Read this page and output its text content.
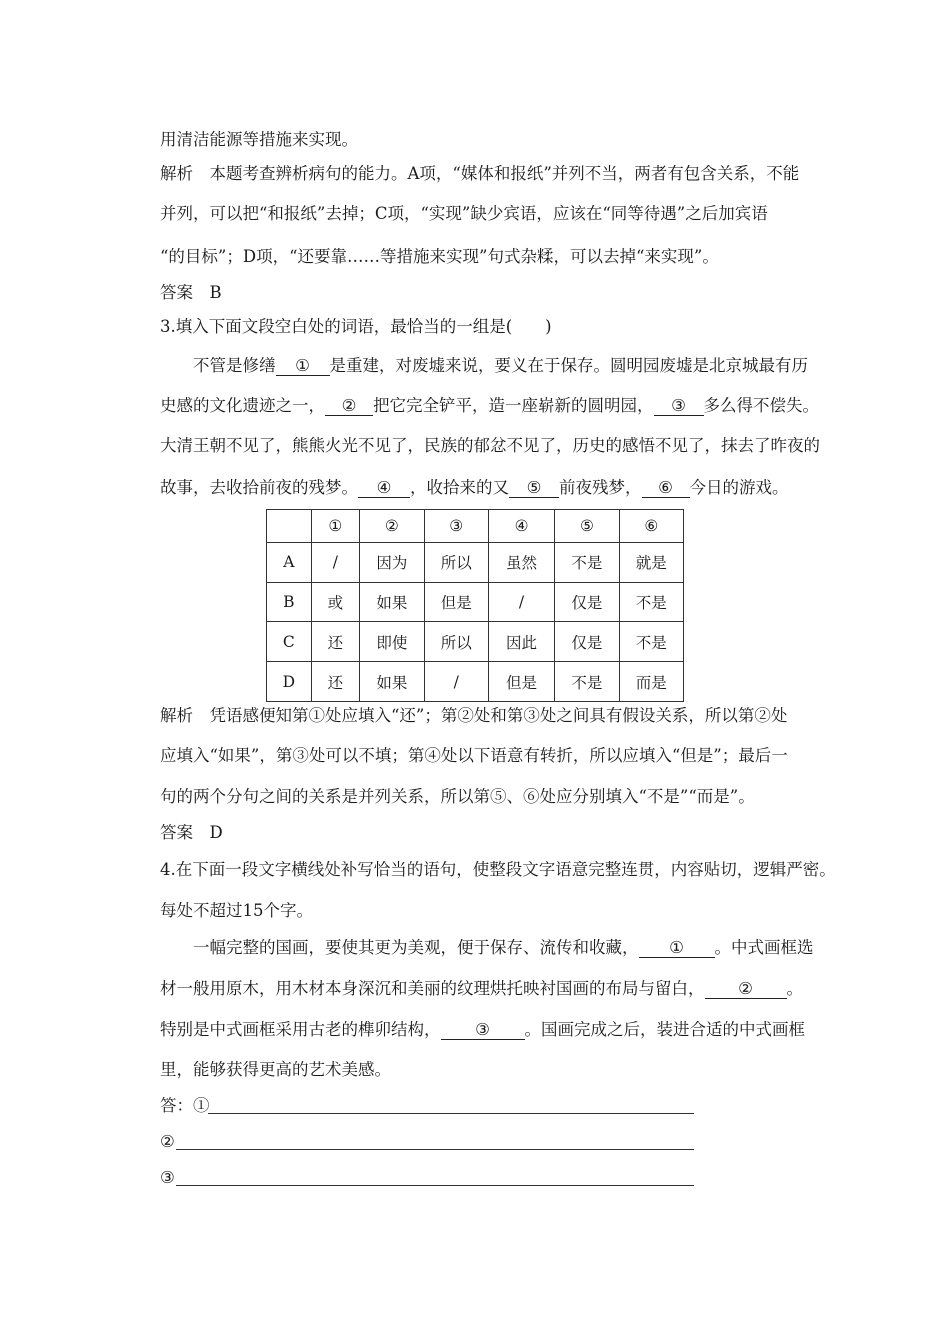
用清洁能源等措施来实现。
解析　本题考查辨析病句的能力。A项，“媒体和报纸”并列不当，两者有包含关系，不能
并列，可以把“和报纸”去掉；C项，“实现”缺少宾语，应该在“同等待遇”之后加宾语
“的目标”；D项，“还要靠……等措施来实现”句式杂糅，可以去掉“来实现”。
答案　B
3.填入下面文段空白处的词语，最恰当的一组是(　　)
不管是修缮 ① 是重建，对废墟来说，要义在于保存。圆明园废墟是北京城最有历
史感的文化遗迹之一， ② 把它完全铲平，造一座崭新的圆明园， ③ 多么得不偿失。
大清王朝不见了，熊熊火光不见了，民族的郁忿不见了，历史的感悟不见了，抹去了昨夜的
故事，去收拾前夜的残梦。 ④ ，收拾来的又 ⑤ 前夜残梦， ⑥ 今日的游戏。
	①	②	③	④	⑤	⑥
A	/	因为	所以	虽然	不是	就是
B	或	如果	但是	/	仅是	不是
C	还	即使	所以	因此	仅是	不是
D	还	如果	/	但是	不是	而是
解析　凭语感便知第①处应填入“还”；第②处和第③处之间具有假设关系，所以第②处
应填入“如果”，第③处可以不填；第④处以下语意有转折，所以应填入“但是”；最后一
句的两个分句之间的关系是并列关系，所以第⑤、⑥处应分别填入“不是”“而是”。
答案　D
4.在下面一段文字横线处补写恰当的语句，使整段文字语意完整连贯，内容贴切，逻辑严密。
每处不超过15个字。
一幅完整的国画，要使其更为美观，便于保存、流传和收藏， ① 。中式画框选
材一般用原木，用木材本身深沉和美丽的纹理烘托映衬国画的布局与留白， ② 。
特别是中式画框采用古老的榫卯结构， ③ 。国画完成之后，装进合适的中式画框
里，能够获得更高的艺术美感。
答：①
②
③
